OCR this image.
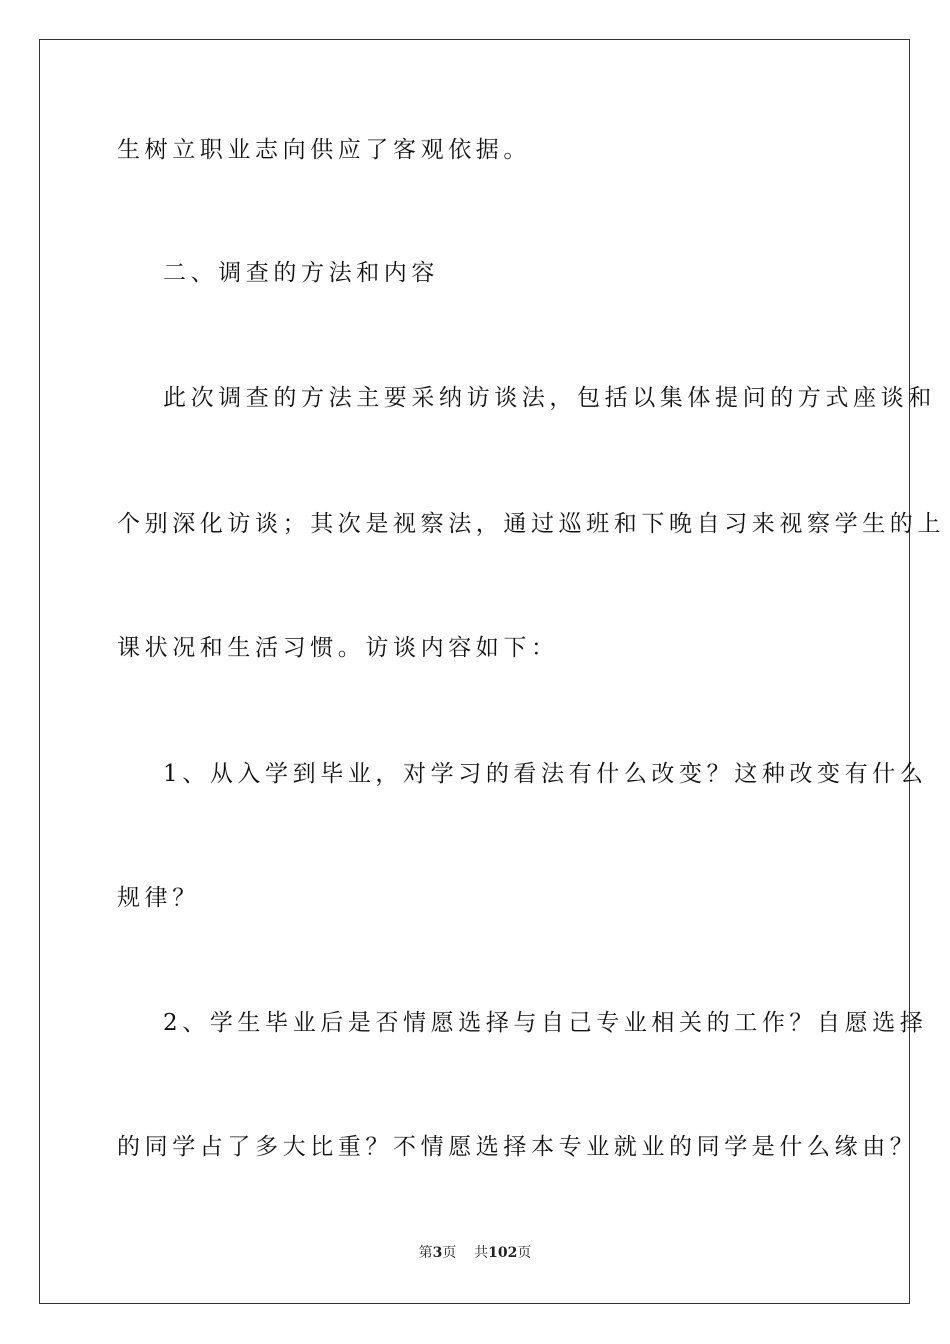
生树立职业志向供应了客观依据。
二、调查的方法和内容
此次调查的方法主要采纳访谈法，包括以集体提问的方式座谈和
个别深化访谈；其次是视察法，通过巡班和下晚自习来视察学生的上
课状况和生活习惯。访谈内容如下：
1、从入学到毕业，对学习的看法有什么改变？这种改变有什么
规律？
2、学生毕业后是否情愿选择与自己专业相关的工作？自愿选择
的同学占了多大比重？不情愿选择本专业就业的同学是什么缘由？
第3页 共102页
